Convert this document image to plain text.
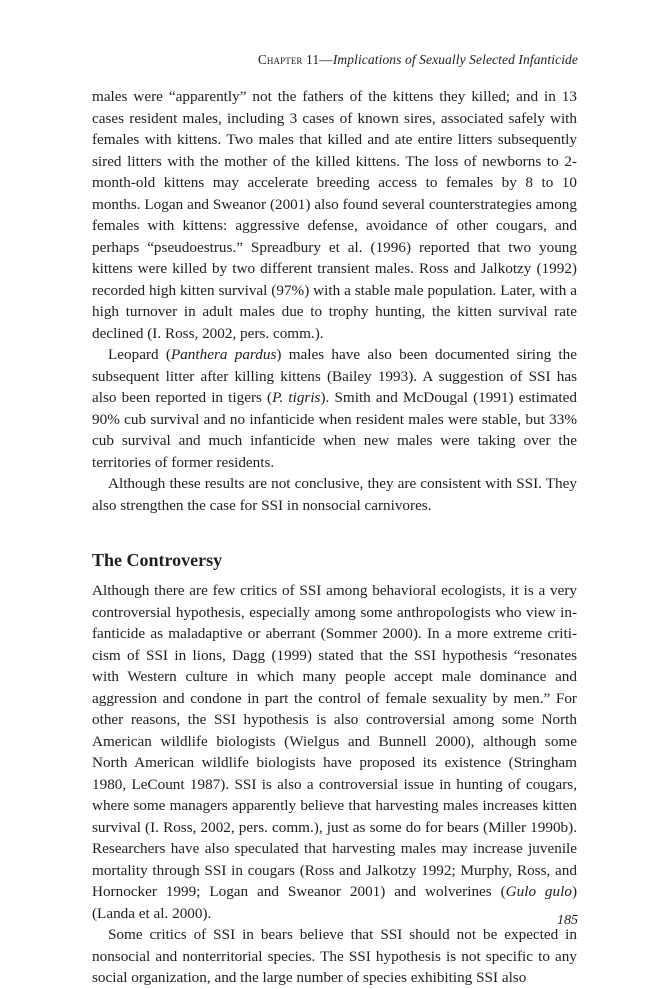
Chapter 11—Implications of Sexually Selected Infanticide

males were “apparently” not the fathers of the kittens they killed; and in 13 cases resident males, including 3 cases of known sires, associated safely with females with kittens. Two males that killed and ate entire litters subsequently sired litters with the mother of the killed kittens. The loss of newborns to 2-month-old kittens may accelerate breeding access to females by 8 to 10 months. Logan and Sweanor (2001) also found several counterstrategies among females with kittens: aggressive defense, avoidance of other cougars, and perhaps “pseudoestrus.” Spreadbury et al. (1996) reported that two young kittens were killed by two different transient males. Ross and Jalkotzy (1992) recorded high kitten survival (97%) with a stable male population. Later, with a high turnover in adult males due to trophy hunting, the kitten survival rate declined (I. Ross, 2002, pers. comm.).

Leopard (Panthera pardus) males have also been documented siring the subsequent litter after killing kittens (Bailey 1993). A suggestion of SSI has also been reported in tigers (P. tigris). Smith and McDougal (1991) estimated 90% cub survival and no infanticide when resident males were stable, but 33% cub survival and much infanticide when new males were taking over the territories of former residents.

Although these results are not conclusive, they are consistent with SSI. They also strengthen the case for SSI in nonsocial carnivores.

The Controversy

Although there are few critics of SSI among behavioral ecologists, it is a very controversial hypothesis, especially among some anthropologists who view infanticide as maladaptive or aberrant (Sommer 2000). In a more extreme criticism of SSI in lions, Dagg (1999) stated that the SSI hypothesis “resonates with Western culture in which many people accept male dominance and aggression and condone in part the control of female sexuality by men.” For other reasons, the SSI hypothesis is also controversial among some North American wildlife biologists (Wielgus and Bunnell 2000), although some North American wildlife biologists have proposed its existence (Stringham 1980, LeCount 1987). SSI is also a controversial issue in hunting of cougars, where some managers apparently believe that harvesting males increases kitten survival (I. Ross, 2002, pers. comm.), just as some do for bears (Miller 1990b). Researchers have also speculated that harvesting males may increase juvenile mortality through SSI in cougars (Ross and Jalkotzy 1992; Murphy, Ross, and Hornocker 1999; Logan and Sweanor 2001) and wolverines (Gulo gulo) (Landa et al. 2000).

Some critics of SSI in bears believe that SSI should not be expected in nonsocial and nonterritorial species. The SSI hypothesis is not specific to any social organization, and the large number of species exhibiting SSI also

185
